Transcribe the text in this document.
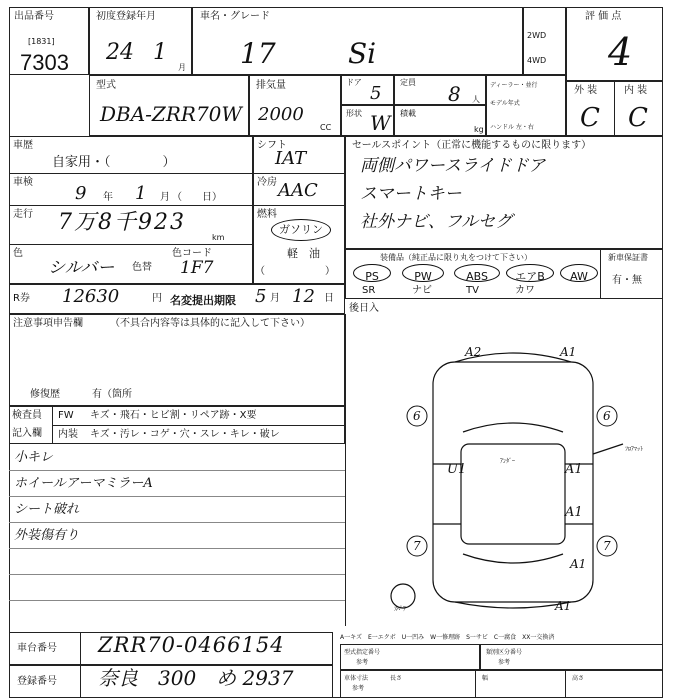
出品番号
[1831]
7303
初度登録年月
24 1
月
車名・グレード
17	Si
2WD
4WD
評 価 点
4
型式
DBA-ZRR70W
排気量
2000
CC
ドア
5
定員 8 人
形状 W 積載
kg
ディーラー・並行
モデル年式
ハンドル 左・右
外 装	内 装
C C
車歴
自家用・（　　　　）
車検
9 年 1 月 （　　日）
走行 7万8千923
km
色
シルバー 色替
色コード
1F7
シフト
IAT
冷房 AAC
燃料
ガソリン
軽　油
（　　　　　　）
セールスポイント（正常に機能するものに限ります）
両側パワースライドドア
スマートキー
社外ナビ、フルセグ
装備品（純正品に限り丸をつけて下さい）	新車保証書
有・無
PS	PW	ABS	エアB	AW
SR	ナビ	TV	カワ
R券 12630	円 名変提出期限 5 月 12 日
後日入
注意事項申告欄	（不具合内容等は具体的に記入して下さい）
修復歴	有（箇所
検査員
記入欄
FW キズ・飛石・ヒビ割・リペア跡・X要
内装 キズ・汚レ・コゲ・穴・スレ・キレ・破レ
小キレ
ホイールアーマミラーA
シート破れ
外装傷有り
A2	A1
6	6
U1	A1
A1
7	7
A1
A1
ｱﾝﾀﾞｰ
ﾌﾛｱﾏｯﾄ
ｽﾍﾟｱ
A一キズ　E一エクボ　U一凹み　W一修理跡　S一サビ　C一腐食　XX一交換済
車台番号 ZRR70-0466154
登録番号 奈良　300　め 2937
型式指定番号
参考
類別区分番号
参考
車体寸法
参考
長さ	幅	高さ
